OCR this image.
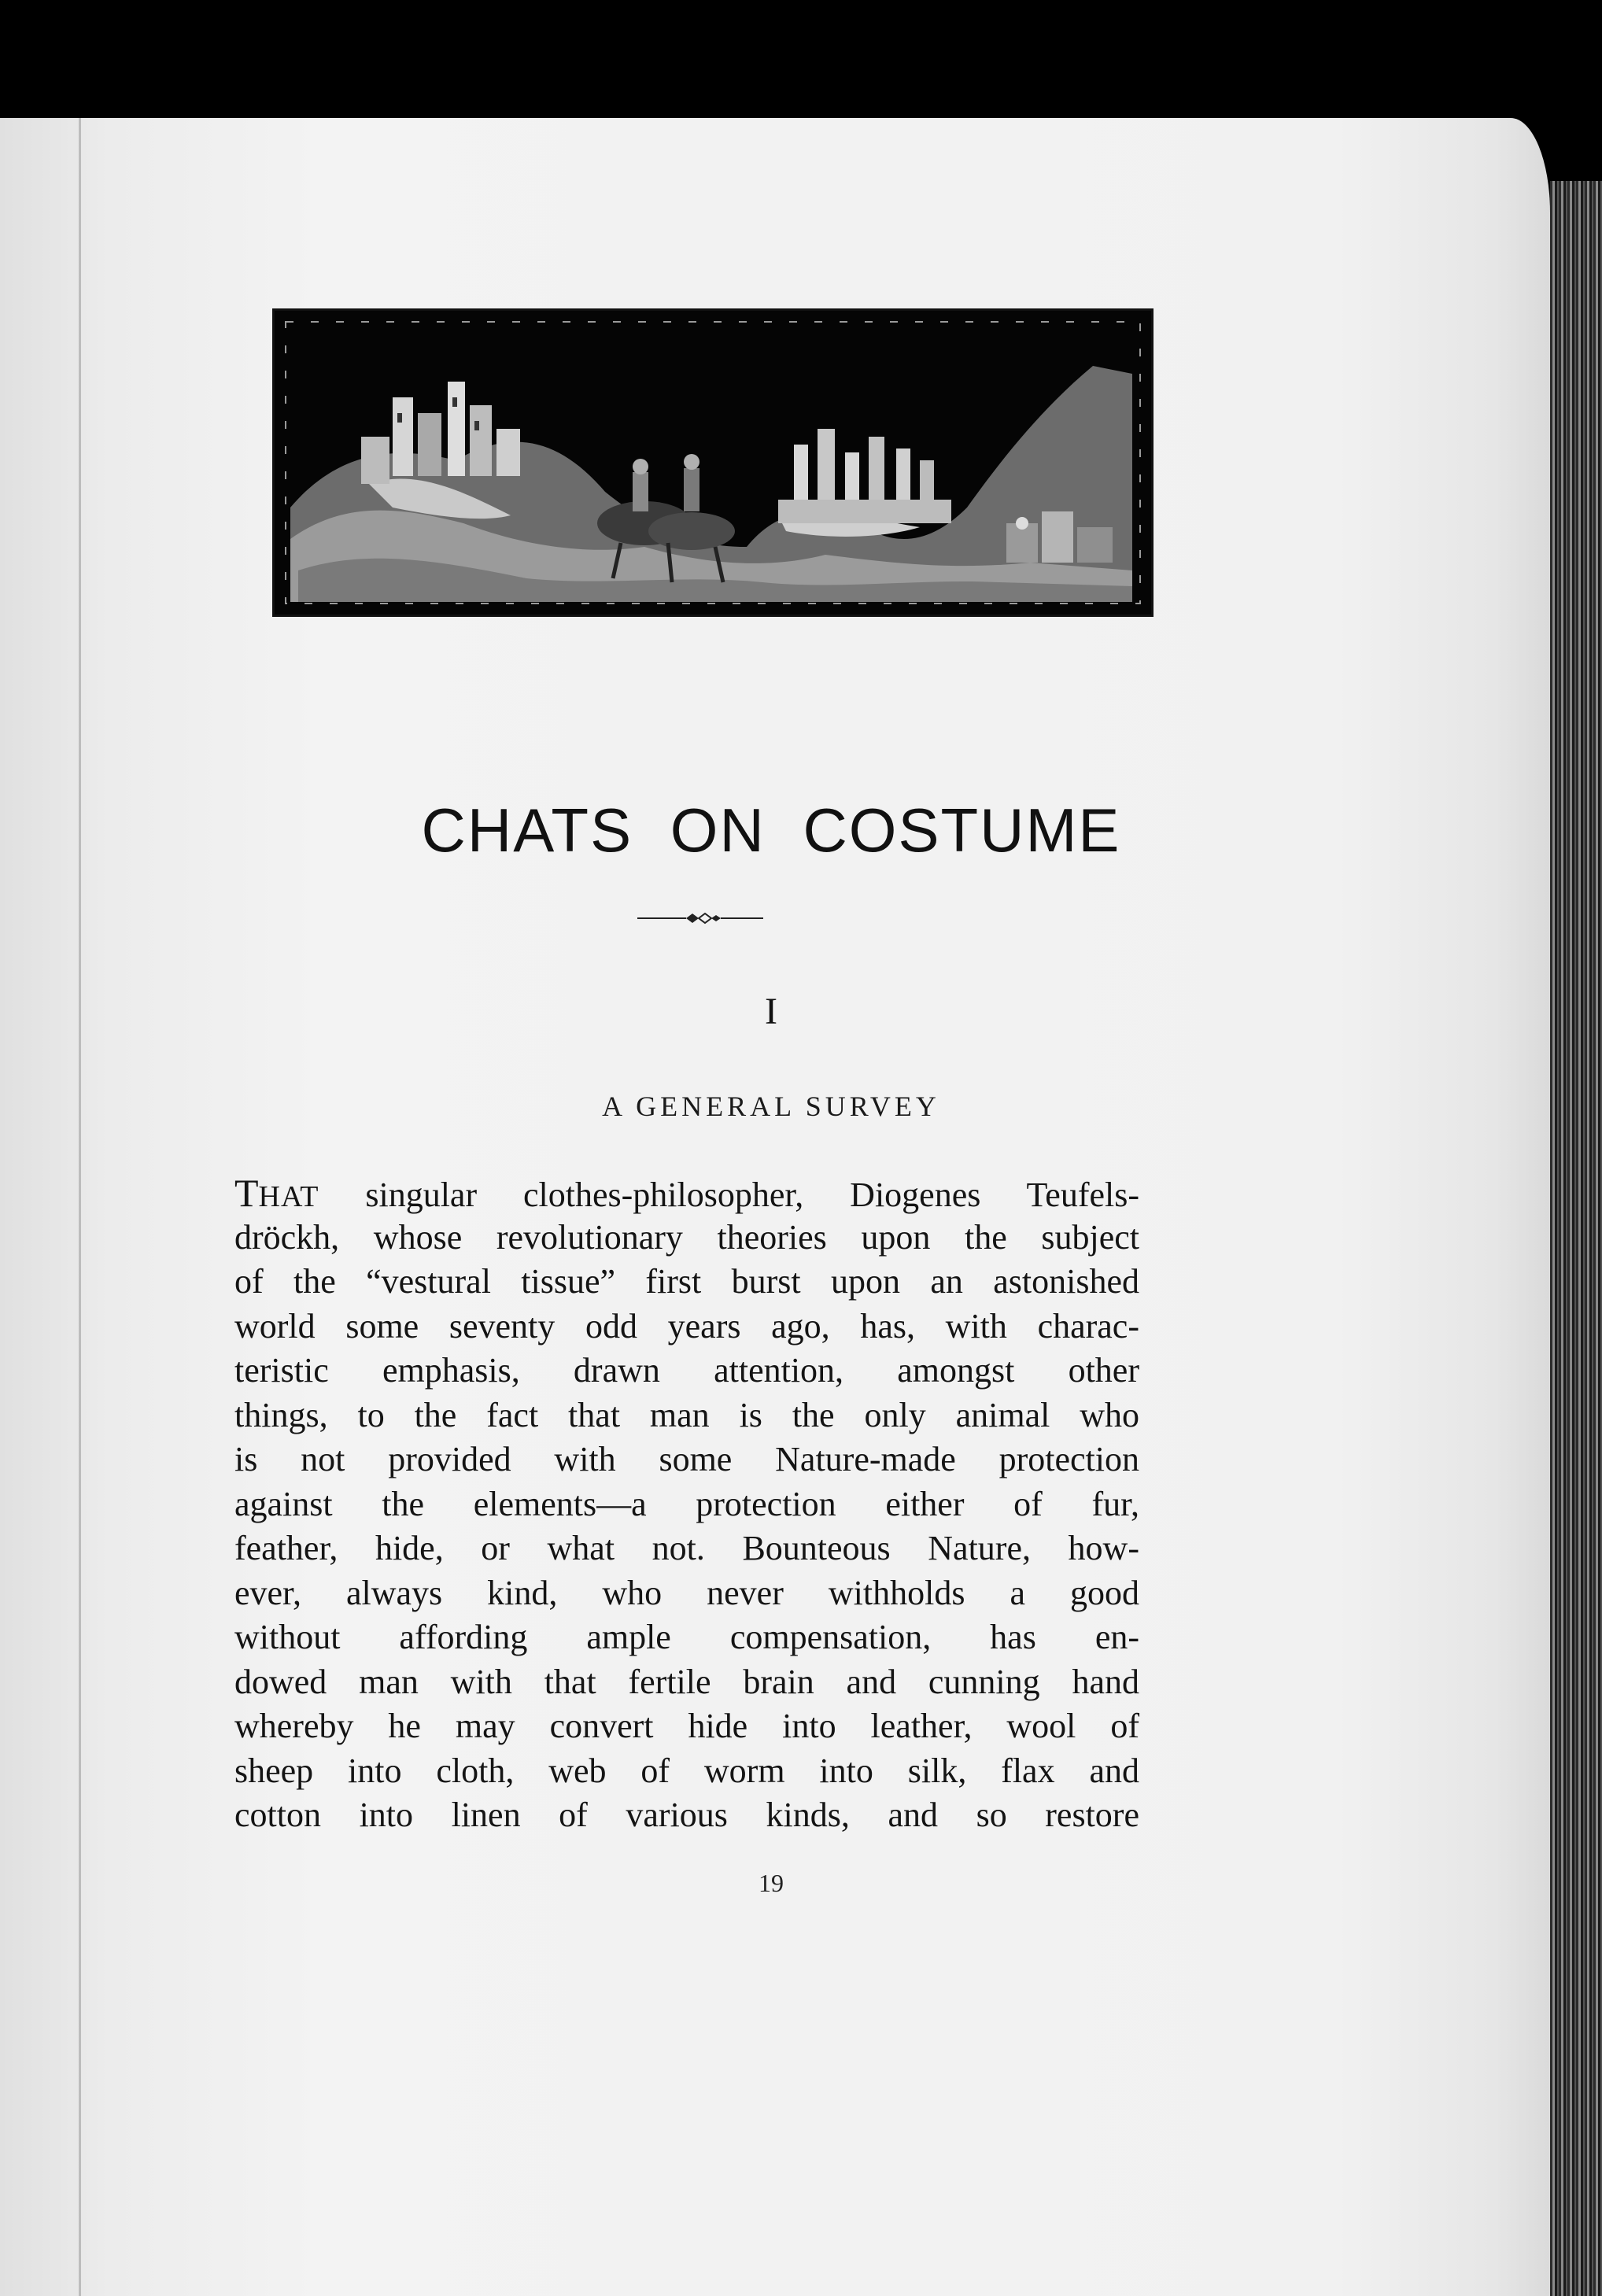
CHATS ON COSTUME
I
A GENERAL SURVEY
THAT singular clothes-philosopher, Diogenes Teufels-
dröckh, whose revolutionary theories upon the subject
of the “vestural tissue” first burst upon an astonished
world some seventy odd years ago, has, with charac-
teristic emphasis, drawn attention, amongst other
things, to the fact that man is the only animal who
is not provided with some Nature-made protection
against the elements—a protection either of fur,
feather, hide, or what not. Bounteous Nature, how-
ever, always kind, who never withholds a good
without affording ample compensation, has en-
dowed man with that fertile brain and cunning hand
whereby he may convert hide into leather, wool of
sheep into cloth, web of worm into silk, flax and
cotton into linen of various kinds, and so restore
19
